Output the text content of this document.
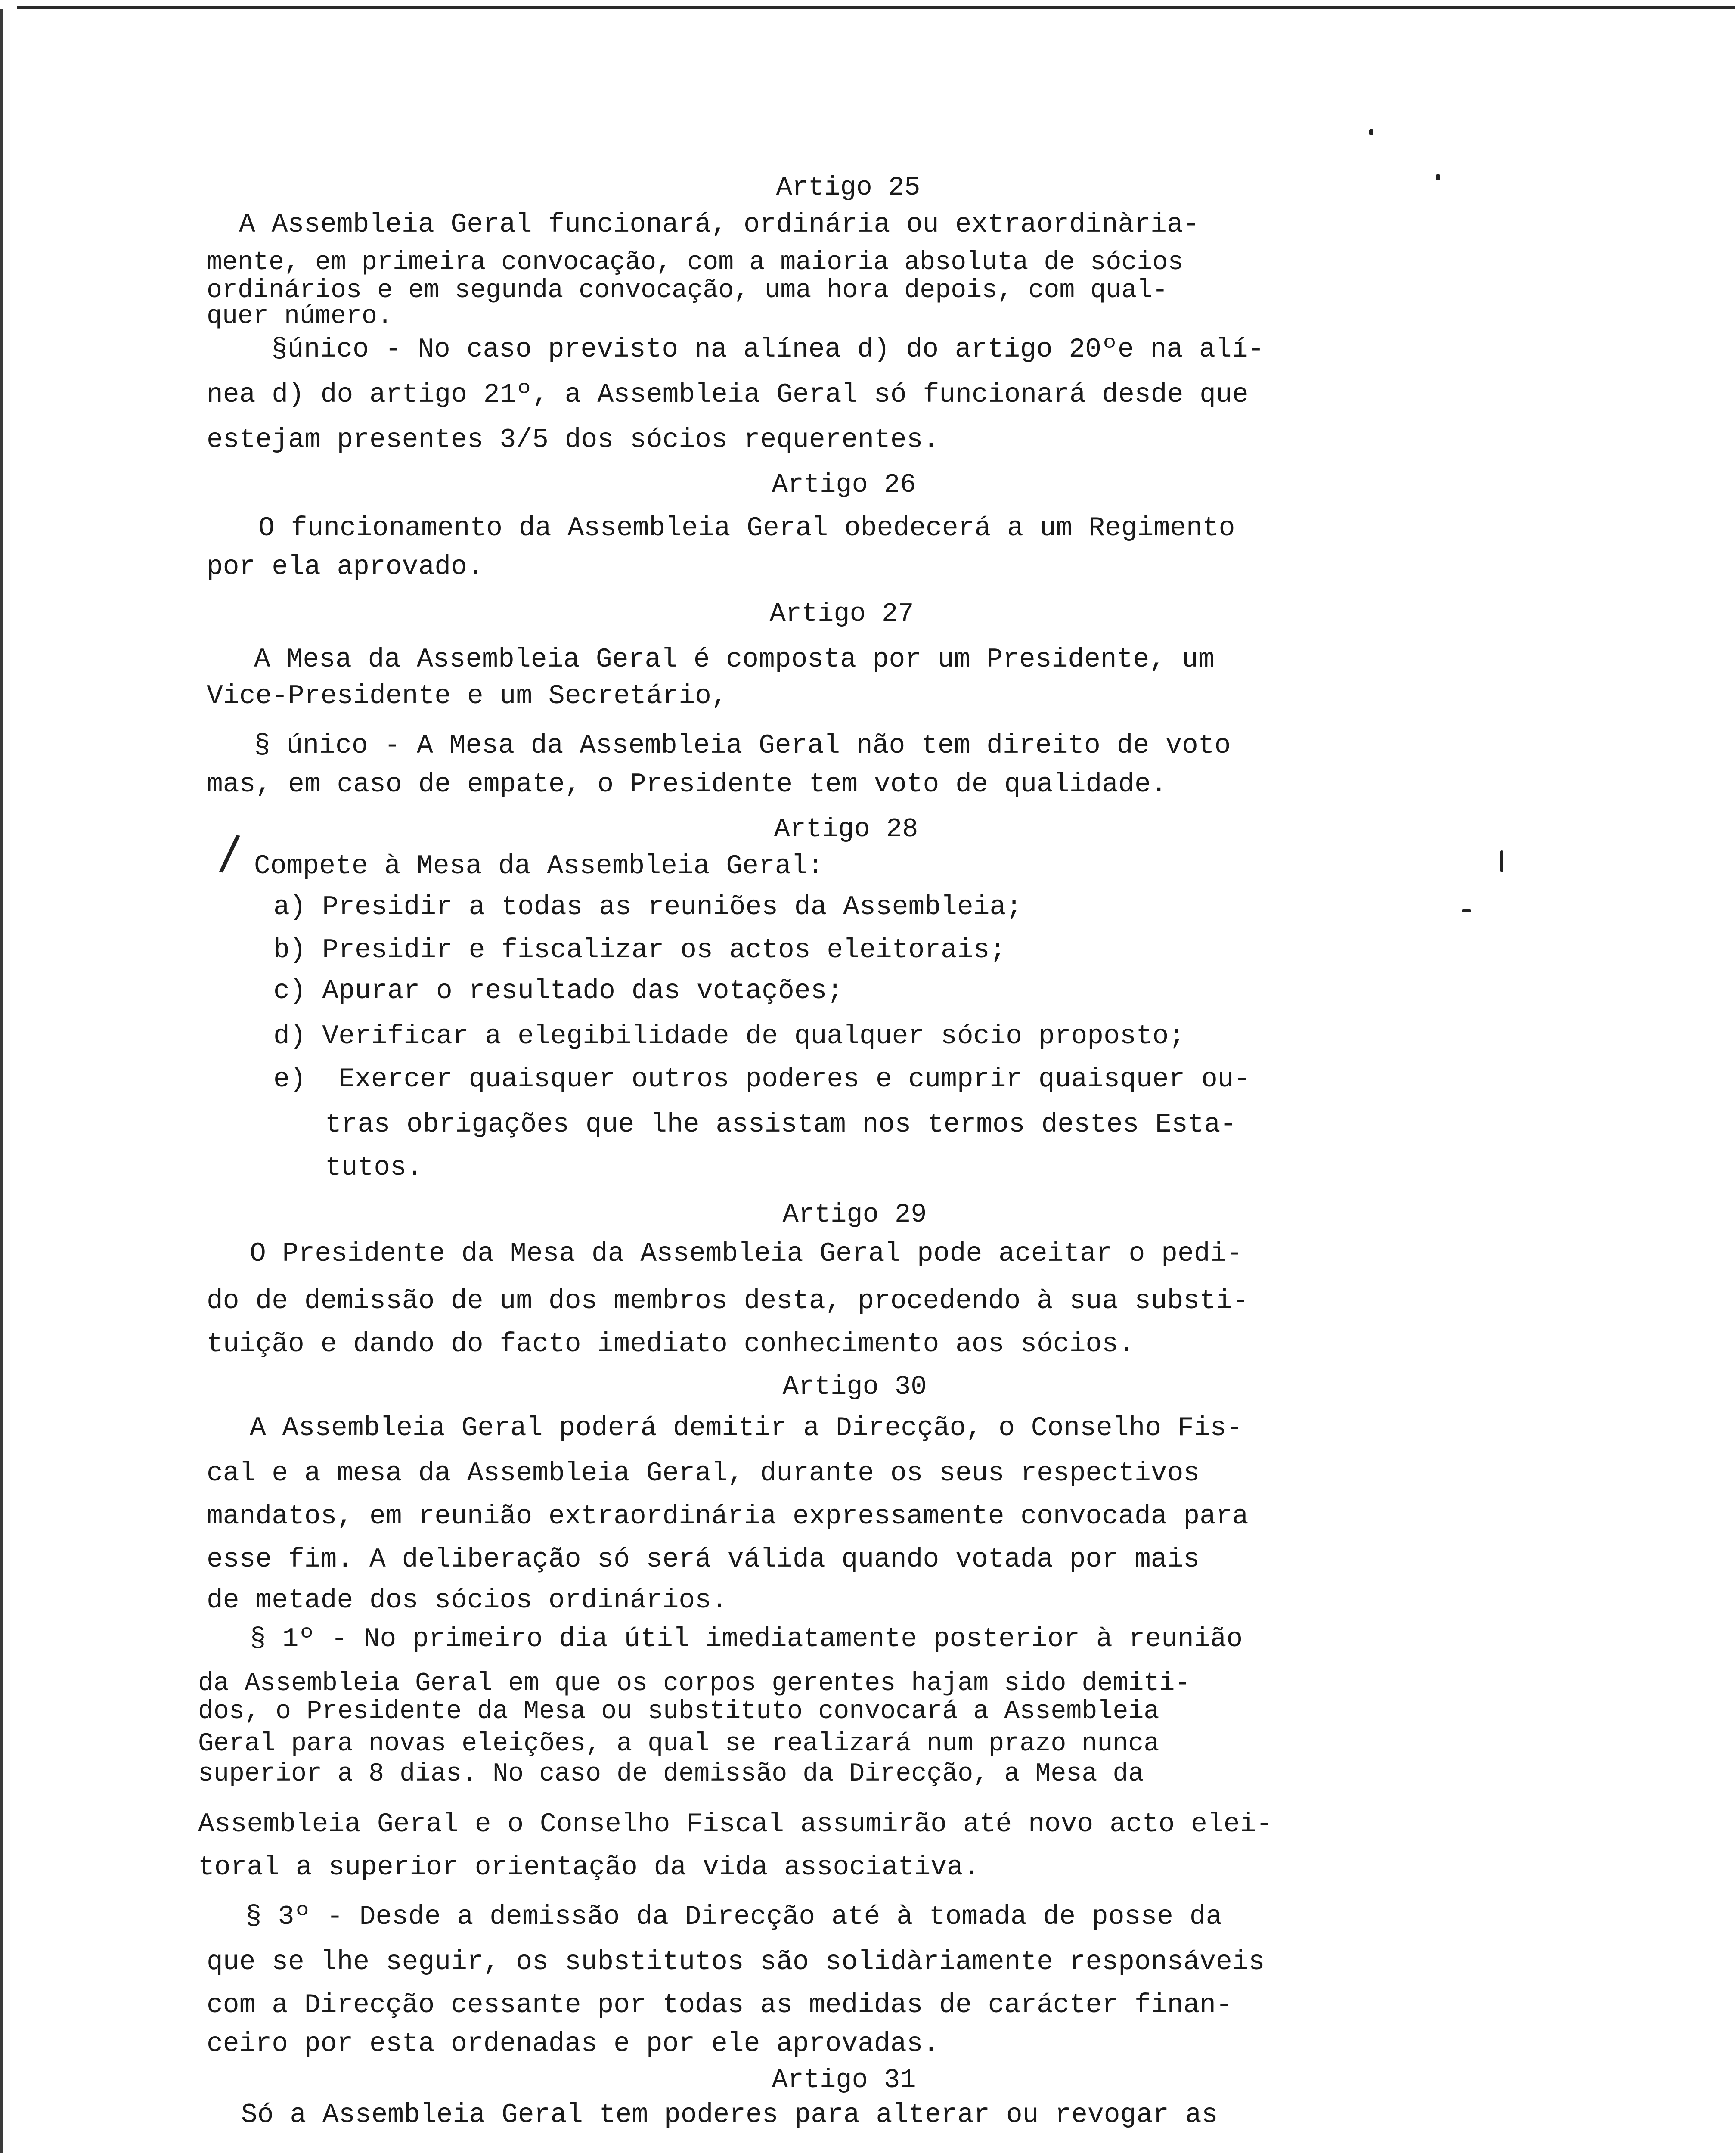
/
Artigo 25
A Assembleia Geral funcionará, ordinária ou extraordinària-
mente, em primeira convocação, com a maioria absoluta de sócios
ordinários e em segunda convocação, uma hora depois, com qual-
quer número.
§único - No caso previsto na alínea d) do artigo 20ºe na alí-
nea d) do artigo 21º, a Assembleia Geral só funcionará desde que
estejam presentes 3/5 dos sócios requerentes.
Artigo 26
O funcionamento da Assembleia Geral obedecerá a um Regimento
por ela aprovado.
Artigo 27
A Mesa da Assembleia Geral é composta por um Presidente, um
Vice-Presidente e um Secretário,
§ único - A Mesa da Assembleia Geral não tem direito de voto
mas, em caso de empate, o Presidente tem voto de qualidade.
Artigo 28
Compete à Mesa da Assembleia Geral:
a) Presidir a todas as reuniões da Assembleia;
b) Presidir e fiscalizar os actos eleitorais;
c) Apurar o resultado das votações;
d) Verificar a elegibilidade de qualquer sócio proposto;
e)  Exercer quaisquer outros poderes e cumprir quaisquer ou-
tras obrigações que lhe assistam nos termos destes Esta-
tutos.
Artigo 29
O Presidente da Mesa da Assembleia Geral pode aceitar o pedi-
do de demissão de um dos membros desta, procedendo à sua substi-
tuição e dando do facto imediato conhecimento aos sócios.
Artigo 30
A Assembleia Geral poderá demitir a Direcção, o Conselho Fis-
cal e a mesa da Assembleia Geral, durante os seus respectivos
mandatos, em reunião extraordinária expressamente convocada para
esse fim. A deliberação só será válida quando votada por mais
de metade dos sócios ordinários.
§ 1º - No primeiro dia útil imediatamente posterior à reunião
da Assembleia Geral em que os corpos gerentes hajam sido demiti-
dos, o Presidente da Mesa ou substituto convocará a Assembleia
Geral para novas eleições, a qual se realizará num prazo nunca
superior a 8 dias. No caso de demissão da Direcção, a Mesa da
Assembleia Geral e o Conselho Fiscal assumirão até novo acto elei-
toral a superior orientação da vida associativa.
§ 3º - Desde a demissão da Direcção até à tomada de posse da
que se lhe seguir, os substitutos são solidàriamente responsáveis
com a Direcção cessante por todas as medidas de carácter finan-
ceiro por esta ordenadas e por ele aprovadas.
Artigo 31
Só a Assembleia Geral tem poderes para alterar ou revogar as
